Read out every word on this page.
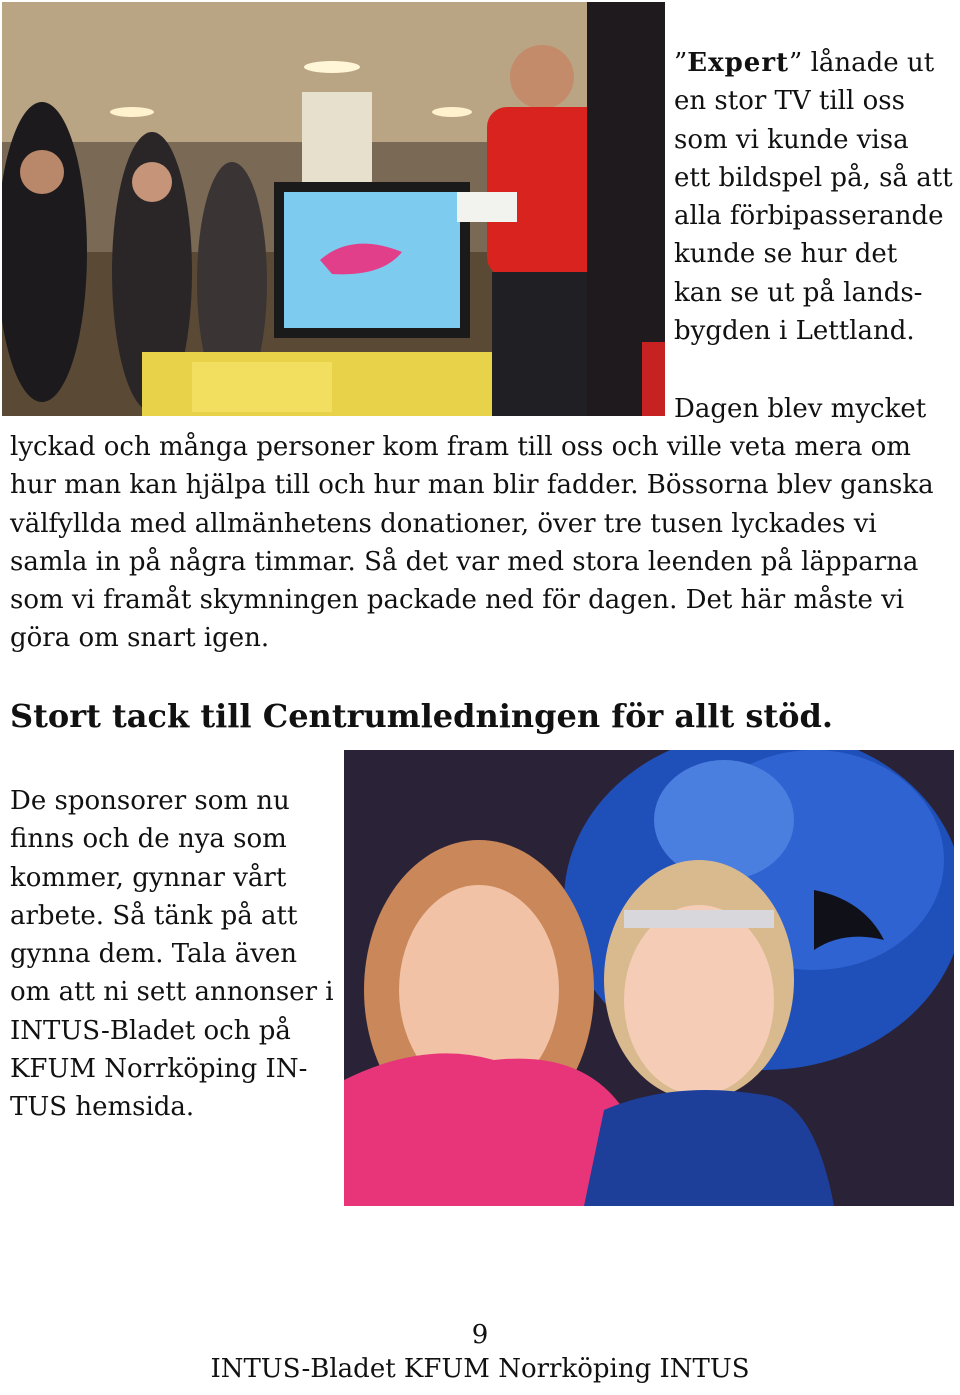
”Expert” lånade ut
en stor TV till oss
som vi kunde visa
ett bildspel på, så att
alla förbipasserande
kunde se hur det
kan se ut på lands-
bygden i Lettland.

Dagen blev mycket

lyckad och många personer kom fram till oss och ville veta mera om
hur man kan hjälpa till och hur man blir fadder. Bössorna blev ganska
välfyllda med allmänhetens donationer, över tre tusen lyckades vi
samla in på några timmar. Så det var med stora leenden på läpparna
som vi framåt skymningen packade ned för dagen. Det här måste vi
göra om snart igen.

Stort tack till Centrumledningen för allt stöd.

De sponsorer som nu
finns och de nya som
kommer, gynnar vårt
arbete. Så tänk på att
gynna dem. Tala även
om att ni sett annonser i
INTUS-Bladet och på
KFUM Norrköping IN-
TUS hemsida.

9

INTUS-Bladet KFUM Norrköping INTUS
